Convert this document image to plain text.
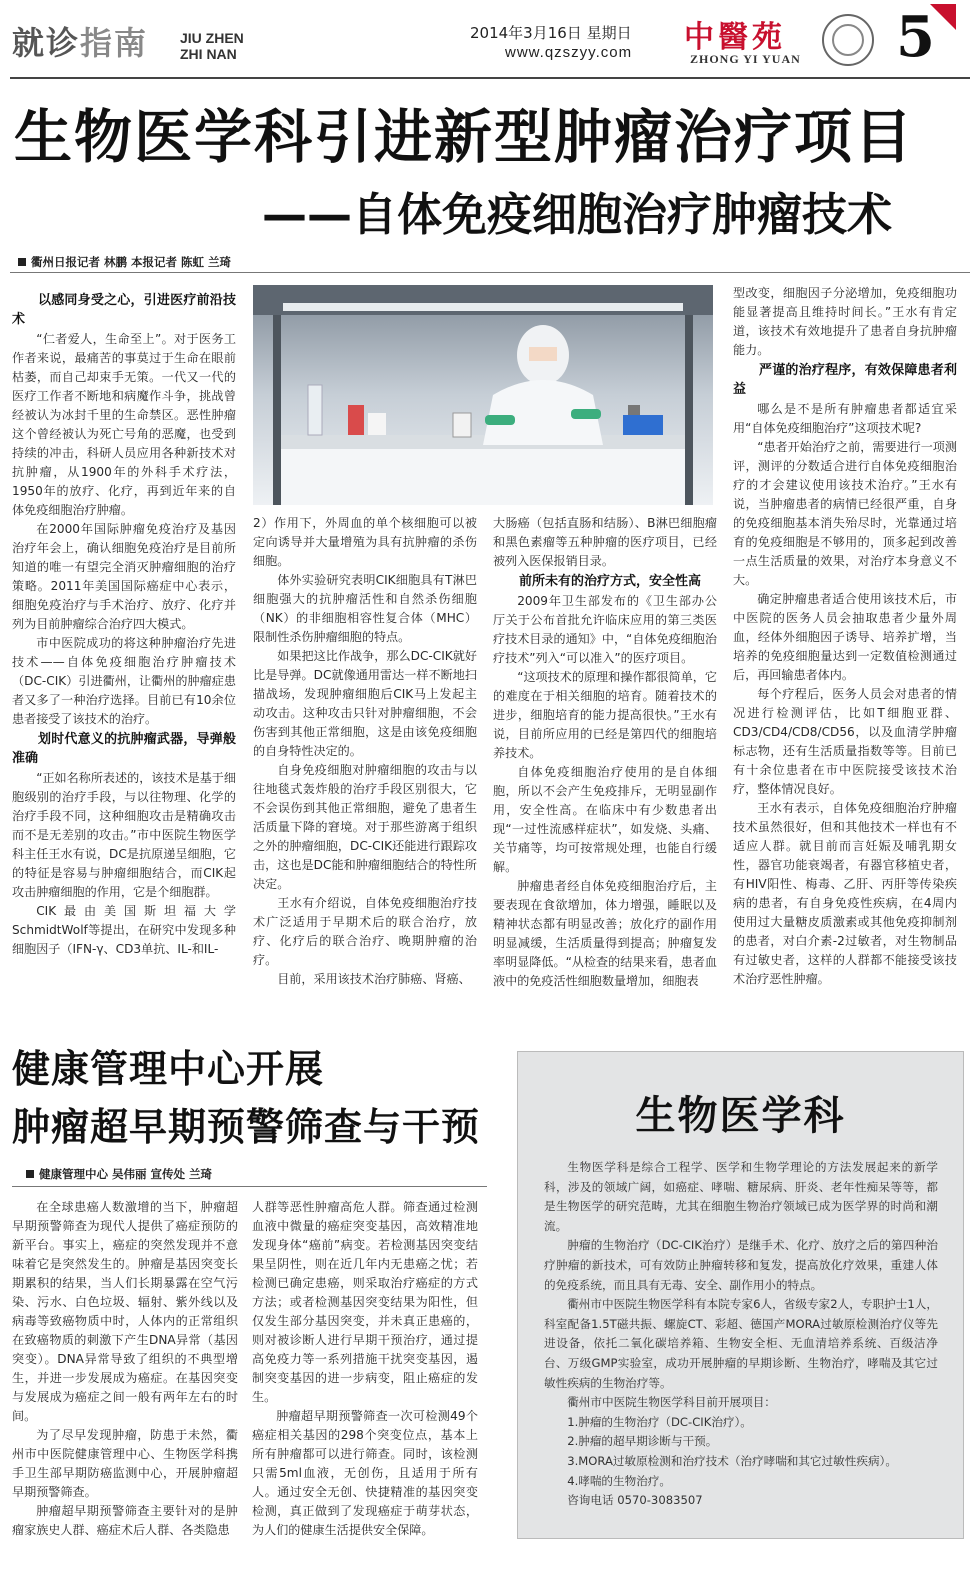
就诊指南 JIU ZHEN
ZHI NAN
2014年3月16日 星期日
www.qzszyy.com 中醫苑
ZHONG YI YUAN 5
生物医学科引进新型肿瘤治疗项目
——自体免疫细胞治疗肿瘤技术
衢州日报记者 林鹏 本报记者 陈虹 兰琦

以感同身受之心，引进医疗前沿技术

“仁者爱人，生命至上”。对于医务工作者来说，最痛苦的事莫过于生命在眼前枯萎，而自己却束手无策。一代又一代的医疗工作者不断地和病魔作斗争，挑战曾经被认为冰封千里的生命禁区。恶性肿瘤这个曾经被认为死亡号角的恶魔，也受到持续的冲击，科研人员应用各种新技术对抗肿瘤，从1900年的外科手术疗法，1950年的放疗、化疗，再到近年来的自体免疫细胞治疗肿瘤。

在2000年国际肿瘤免疫治疗及基因治疗年会上，确认细胞免疫治疗是目前所知道的唯一有望完全消灭肿瘤细胞的治疗策略。2011年美国国际癌症中心表示，细胞免疫治疗与手术治疗、放疗、化疗并列为目前肿瘤综合治疗四大模式。

市中医院成功的将这种肿瘤治疗先进技术——自体免疫细胞治疗肿瘤技术（DC-CIK）引进衢州，让衢州的肿瘤症患者又多了一种治疗选择。目前已有10余位患者接受了该技术的治疗。

划时代意义的抗肿瘤武器，导弹般准确

“正如名称所表述的，该技术是基于细胞级别的治疗手段，与以往物理、化学的治疗手段不同，这种细胞攻击是精确攻击而不是无差别的攻击。”市中医院生物医学科主任王水有说，DC是抗原递呈细胞，它的特征是容易与肿瘤细胞结合，而CIK起攻击肿瘤细胞的作用，它是个细胞群。

CIK最由美国斯坦福大学SchmidtWolf等提出，在研究中发现多种细胞因子（IFN-γ、CD3单抗、IL-和IL-

2）作用下，外周血的单个核细胞可以被定向诱导并大量增殖为具有抗肿瘤的杀伤细胞。

体外实验研究表明CIK细胞具有T淋巴细胞强大的抗肿瘤活性和自然杀伤细胞（NK）的非细胞相容性复合体（MHC）限制性杀伤肿瘤细胞的特点。

如果把这比作战争，那么DC-CIK就好比是导弹。DC就像通用雷达一样不断地扫描战场，发现肿瘤细胞后CIK马上发起主动攻击。这种攻击只针对肿瘤细胞，不会伤害到其他正常细胞，这是由该免疫细胞的自身特性决定的。

自身免疫细胞对肿瘤细胞的攻击与以往地毯式轰炸般的治疗手段区别很大，它不会误伤到其他正常细胞，避免了患者生活质量下降的窘境。对于那些游离于组织之外的肿瘤细胞，DC-CIK还能进行跟踪攻击，这也是DC能和肿瘤细胞结合的特性所决定。

王水有介绍说，自体免疫细胞治疗技术广泛适用于早期术后的联合治疗，放疗、化疗后的联合治疗、晚期肿瘤的治疗。

目前，采用该技术治疗肺癌、肾癌、

大肠癌（包括直肠和结肠）、B淋巴细胞瘤和黑色素瘤等五种肿瘤的医疗项目，已经被列入医保报销目录。

前所未有的治疗方式，安全性高

2009年卫生部发布的《卫生部办公厅关于公布首批允许临床应用的第三类医疗技术目录的通知》中，“自体免疫细胞治疗技术”列入“可以准入”的医疗项目。

“这项技术的原理和操作都很简单，它的难度在于相关细胞的培育。随着技术的进步，细胞培育的能力提高很快。”王水有说，目前所应用的已经是第四代的细胞培养技术。

自体免疫细胞治疗使用的是自体细胞，所以不会产生免疫排斥，无明显副作用，安全性高。在临床中有少数患者出现“一过性流感样症状”，如发烧、头痛、关节痛等，均可按常规处理，也能自行缓解。

肿瘤患者经自体免疫细胞治疗后，主要表现在食欲增加，体力增强，睡眠以及精神状态都有明显改善；放化疗的副作用明显减缓，生活质量得到提高；肿瘤复发率明显降低。“从检查的结果来看，患者血液中的免疫活性细胞数量增加，细胞表

型改变，细胞因子分泌增加，免疫细胞功能显著提高且维持时间长。”王水有肯定道，该技术有效地提升了患者自身抗肿瘤能力。

严谨的治疗程序，有效保障患者利益

哪么是不是所有肿瘤患者都适宜采用“自体免疫细胞治疗”这项技术呢?

“患者开始治疗之前，需要进行一项测评，测评的分数适合进行自体免疫细胞治疗的才会建议使用该技术治疗。”王水有说，当肿瘤患者的病情已经很严重，自身的免疫细胞基本消失殆尽时，光靠通过培育的免疫细胞是不够用的，顶多起到改善一点生活质量的效果，对治疗本身意义不大。

确定肿瘤患者适合使用该技术后，市中医院的医务人员会抽取患者少量外周血，经体外细胞因子诱导、培养扩增，当培养的免疫细胞量达到一定数值检测通过后，再回输患者体内。

每个疗程后，医务人员会对患者的情况进行检测评估，比如T细胞亚群、CD3/CD4/CD8/CD56，以及血清学肿瘤标志物，还有生活质量指数等等。目前已有十余位患者在市中医院接受该技术治疗，整体情况良好。

王水有表示，自体免疫细胞治疗肿瘤技术虽然很好，但和其他技术一样也有不适应人群。就目前而言妊娠及哺乳期女性，器官功能衰竭者，有器官移植史者，有HIV阳性、梅毒、乙肝、丙肝等传染疾病的患者，有自身免疫性疾病，在4周内使用过大量糖皮质激素或其他免疫抑制剂的患者，对白介素-2过敏者，对生物制品有过敏史者，这样的人群都不能接受该技术治疗恶性肿瘤。

健康管理中心开展
肿瘤超早期预警筛查与干预
健康管理中心 吴伟丽 宣传处 兰琦

在全球患癌人数激增的当下，肿瘤超早期预警筛查为现代人提供了癌症预防的新平台。事实上，癌症的突然发现并不意味着它是突然发生的。肿瘤是基因突变长期累积的结果，当人们长期暴露在空气污染、污水、白色垃圾、辐射、紫外线以及病毒等致癌物质中时，人体内的正常组织在致癌物质的刺激下产生DNA异常（基因突变）。DNA异常导致了组织的不典型增生，并进一步发展成为癌症。在基因突变与发展成为癌症之间一般有两年左右的时间。

为了尽早发现肿瘤，防患于未然，衢州市中医院健康管理中心、生物医学科携手卫生部早期防癌监测中心，开展肿瘤超早期预警筛查。

肿瘤超早期预警筛查主要针对的是肿瘤家族史人群、癌症术后人群、各类隐患

人群等恶性肿瘤高危人群。筛查通过检测血液中微量的癌症突变基因，高效精准地发现身体“癌前”病变。若检测基因突变结果呈阴性，则在近几年内无患癌之忧；若检测已确定患癌，则采取治疗癌症的方式方法；或者检测基因突变结果为阳性，但仅发生部分基因突变，并未真正患癌的，则对被诊断人进行早期干预治疗，通过提高免疫力等一系列措施干扰突变基因，遏制突变基因的进一步病变，阻止癌症的发生。

肿瘤超早期预警筛查一次可检测49个癌症相关基因的298个突变位点，基本上所有肿瘤都可以进行筛查。同时，该检测只需5ml血液，无创伤，且适用于所有人。通过安全无创、快捷精准的基因突变检测，真正做到了发现癌症于萌芽状态，为人们的健康生活提供安全保障。

生物医学科

生物医学科是综合工程学、医学和生物学理论的方法发展起来的新学科，涉及的领域广阔，如癌症、哮喘、糖尿病、肝炎、老年性痴呆等等，都是生物医学的研究范畴，尤其在细胞生物治疗领域已成为医学界的时尚和潮流。

肿瘤的生物治疗（DC-CIK治疗）是继手术、化疗、放疗之后的第四种治疗肿瘤的新技术，可有效防止肿瘤转移和复发，提高放化疗效果，重建人体的免疫系统，而且具有无毒、安全、副作用小的特点。

衢州市中医院生物医学科有本院专家6人，省级专家2人，专职护士1人，科室配备1.5T磁共振、螺旋CT、彩超、德国产MORA过敏原检测治疗仪等先进设备，依托二氧化碳培养箱、生物安全柜、无血清培养系统、百级洁净台、万级GMP实验室，成功开展肿瘤的早期诊断、生物治疗，哮喘及其它过敏性疾病的生物治疗等。

衢州市中医院生物医学科目前开展项目：

1.肿瘤的生物治疗（DC-CIK治疗）。

2.肿瘤的超早期诊断与干预。

3.MORA过敏原检测和治疗技术（治疗哮喘和其它过敏性疾病）。

4.哮喘的生物治疗。

咨询电话 0570-3083507
